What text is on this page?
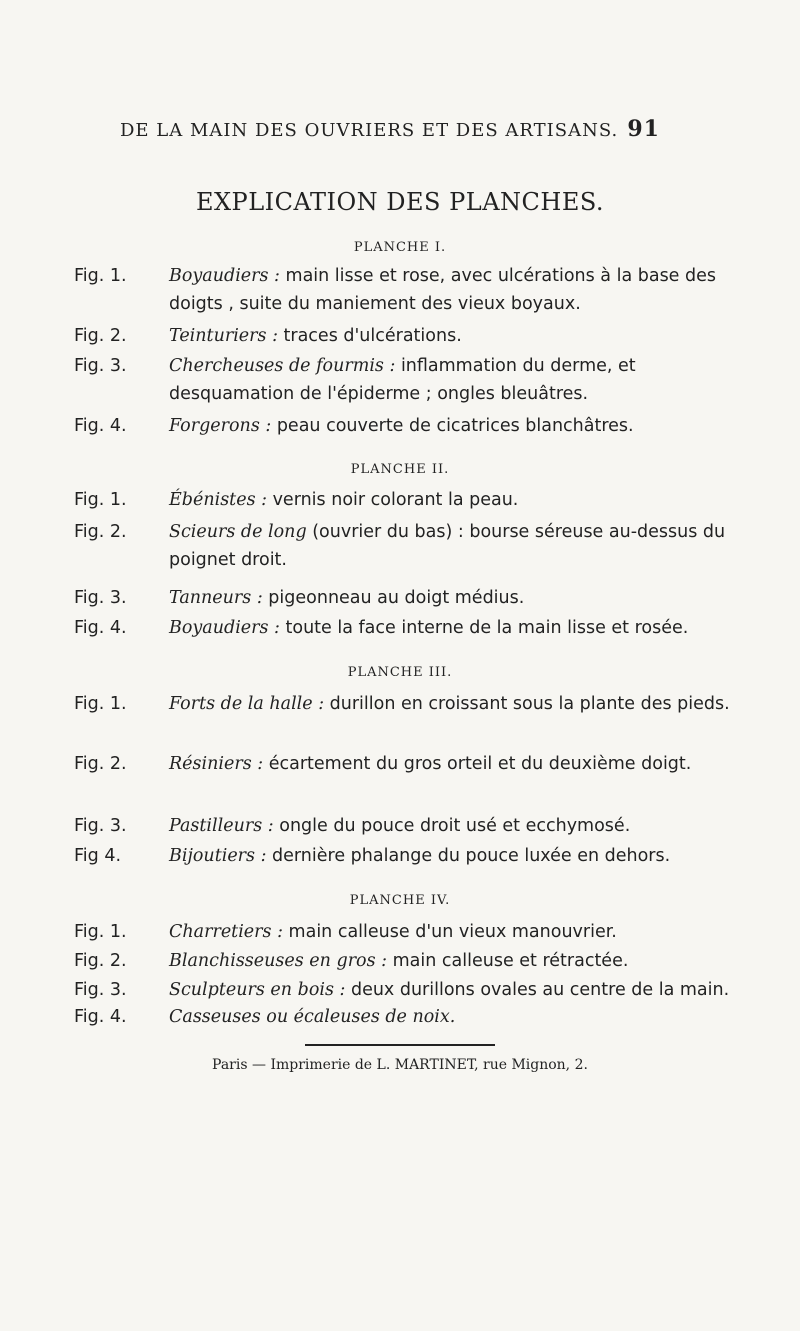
DE LA MAIN DES OUVRIERS ET DES ARTISANS. 91
EXPLICATION DES PLANCHES.
PLANCHE I.
Fig. 1.	Boyaudiers : main lisse et rose, avec ulcérations à la base des doigts , suite du maniement des vieux boyaux.
Fig. 2.	Teinturiers : traces d'ulcérations.
Fig. 3.	Chercheuses de fourmis : inflammation du derme, et desquamation de l'épiderme ; ongles bleuâtres.
Fig. 4.	Forgerons : peau couverte de cicatrices blanchâtres.
PLANCHE II.
Fig. 1.	Ébénistes : vernis noir colorant la peau.
Fig. 2.	Scieurs de long (ouvrier du bas) : bourse séreuse au-dessus du poignet droit.
Fig. 3.	Tanneurs : pigeonneau au doigt médius.
Fig. 4.	Boyaudiers : toute la face interne de la main lisse et rosée.
PLANCHE III.
Fig. 1.	Forts de la halle : durillon en croissant sous la plante des pieds.
Fig. 2.	Résiniers : écartement du gros orteil et du deuxième doigt.
Fig. 3.	Pastilleurs : ongle du pouce droit usé et ecchymosé.
Fig 4.	Bijoutiers : dernière phalange du pouce luxée en dehors.
PLANCHE IV.
Fig. 1.	Charretiers : main calleuse d'un vieux manouvrier.
Fig. 2.	Blanchisseuses en gros : main calleuse et rétractée.
Fig. 3.	Sculpteurs en bois : deux durillons ovales au centre de la main.
Paris — Imprimerie de L. MARTINET, rue Mignon, 2.
Fig. 4.	Casseuses ou écaleuses de noix.
